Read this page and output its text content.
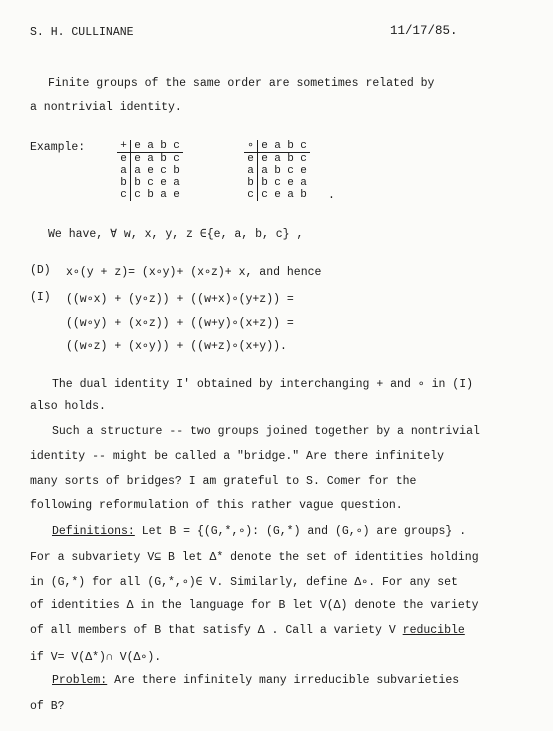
S. H. CULLINANE	11/17/85.
Finite groups of the same order are sometimes related by
a nontrivial identity.
Example:	+	e	a	b	c
e	e	a	b	c
a	a	e	c	b
b	b	c	e	a
c	c	b	a	e
∘	e	a	b	c
e	e	a	b	c
a	a	b	c	e
b	b	c	e	a
c	c	e	a	b .
We have, ∀ w, x, y, z ∈{e, a, b, c} ,
(D) x∘(y + z)= (x∘y)+ (x∘z)+ x, and hence
(I) ((w∘x) + (y∘z)) + ((w+x)∘(y+z)) =
((w∘y) + (x∘z)) + ((w+y)∘(x+z)) =
((w∘z) + (x∘y)) + ((w+z)∘(x+y)).
The dual identity I' obtained by interchanging + and ∘ in (I)
also holds.
Such a structure -- two groups joined together by a nontrivial
identity -- might be called a "bridge." Are there infinitely
many sorts of bridges? I am grateful to S. Comer for the
following reformulation of this rather vague question.
Definitions: Let B = {(G,*,∘): (G,*) and (G,∘) are groups} .
For a subvariety V⊆ B let Δ* denote the set of identities holding
in (G,*) for all (G,*,∘)∈ V. Similarly, define Δ∘. For any set
of identities Δ in the language for B let V(Δ) denote the variety
of all members of B that satisfy Δ . Call a variety V reducible
if V= V(Δ*)∩ V(Δ∘).
Problem: Are there infinitely many irreducible subvarieties
of B?
